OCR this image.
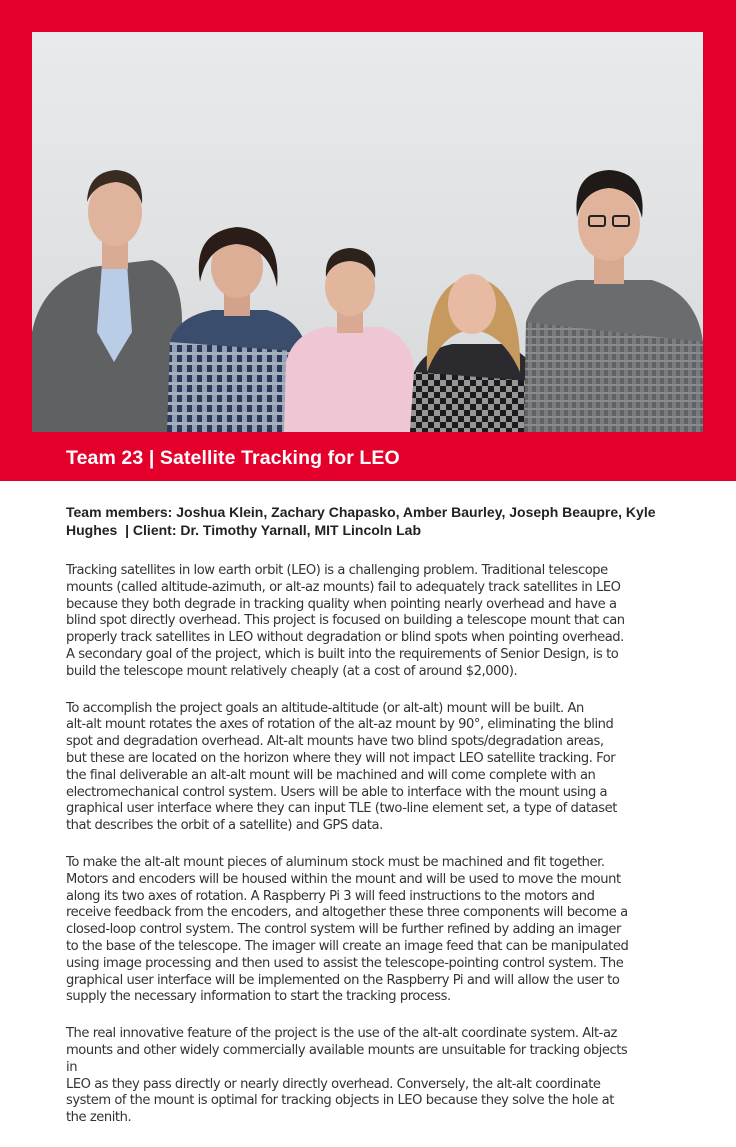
Team 23 | Satellite Tracking for LEO

Team members: Joshua Klein, Zachary Chapasko, Amber Baurley, Joseph Beaupre, Kyle
Hughes  | Client: Dr. Timothy Yarnall, MIT Lincoln Lab

Tracking satellites in low earth orbit (LEO) is a challenging problem. Traditional telescope
mounts (called altitude-azimuth, or alt-az mounts) fail to adequately track satellites in LEO
because they both degrade in tracking quality when pointing nearly overhead and have a
blind spot directly overhead. This project is focused on building a telescope mount that can
properly track satellites in LEO without degradation or blind spots when pointing overhead.
A secondary goal of the project, which is built into the requirements of Senior Design, is to
build the telescope mount relatively cheaply (at a cost of around $2,000).

To accomplish the project goals an altitude-altitude (or alt-alt) mount will be built. An
alt-alt mount rotates the axes of rotation of the alt-az mount by 90°, eliminating the blind
spot and degradation overhead. Alt-alt mounts have two blind spots/degradation areas,
but these are located on the horizon where they will not impact LEO satellite tracking. For
the final deliverable an alt-alt mount will be machined and will come complete with an
electromechanical control system. Users will be able to interface with the mount using a
graphical user interface where they can input TLE (two-line element set, a type of dataset
that describes the orbit of a satellite) and GPS data.

To make the alt-alt mount pieces of aluminum stock must be machined and fit together.
Motors and encoders will be housed within the mount and will be used to move the mount
along its two axes of rotation. A Raspberry Pi 3 will feed instructions to the motors and
receive feedback from the encoders, and altogether these three components will become a
closed-loop control system. The control system will be further refined by adding an imager
to the base of the telescope. The imager will create an image feed that can be manipulated
using image processing and then used to assist the telescope-pointing control system. The
graphical user interface will be implemented on the Raspberry Pi and will allow the user to
supply the necessary information to start the tracking process.

The real innovative feature of the project is the use of the alt-alt coordinate system. Alt-az
mounts and other widely commercially available mounts are unsuitable for tracking objects
in
LEO as they pass directly or nearly directly overhead. Conversely, the alt-alt coordinate
system of the mount is optimal for tracking objects in LEO because they solve the hole at
the zenith.
